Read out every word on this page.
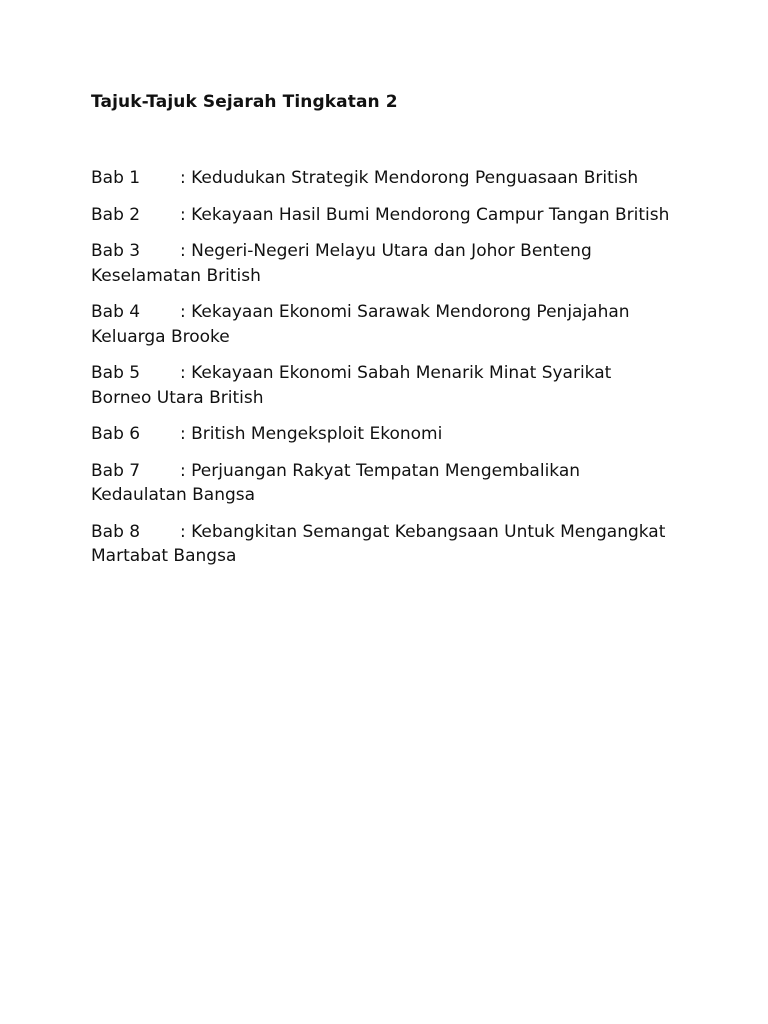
Tajuk-Tajuk Sejarah Tingkatan 2
Bab 1 : Kedudukan Strategik Mendorong Penguasaan British
Bab 2 : Kekayaan Hasil Bumi Mendorong Campur Tangan British
Bab 3 : Negeri-Negeri Melayu Utara dan Johor Benteng Keselamatan British
Bab 4 : Kekayaan Ekonomi Sarawak Mendorong Penjajahan Keluarga Brooke
Bab 5 : Kekayaan Ekonomi Sabah Menarik Minat Syarikat Borneo Utara British
Bab 6 : British Mengeksploit Ekonomi
Bab 7 : Perjuangan Rakyat Tempatan Mengembalikan Kedaulatan Bangsa
Bab 8 : Kebangkitan Semangat Kebangsaan Untuk Mengangkat Martabat Bangsa
